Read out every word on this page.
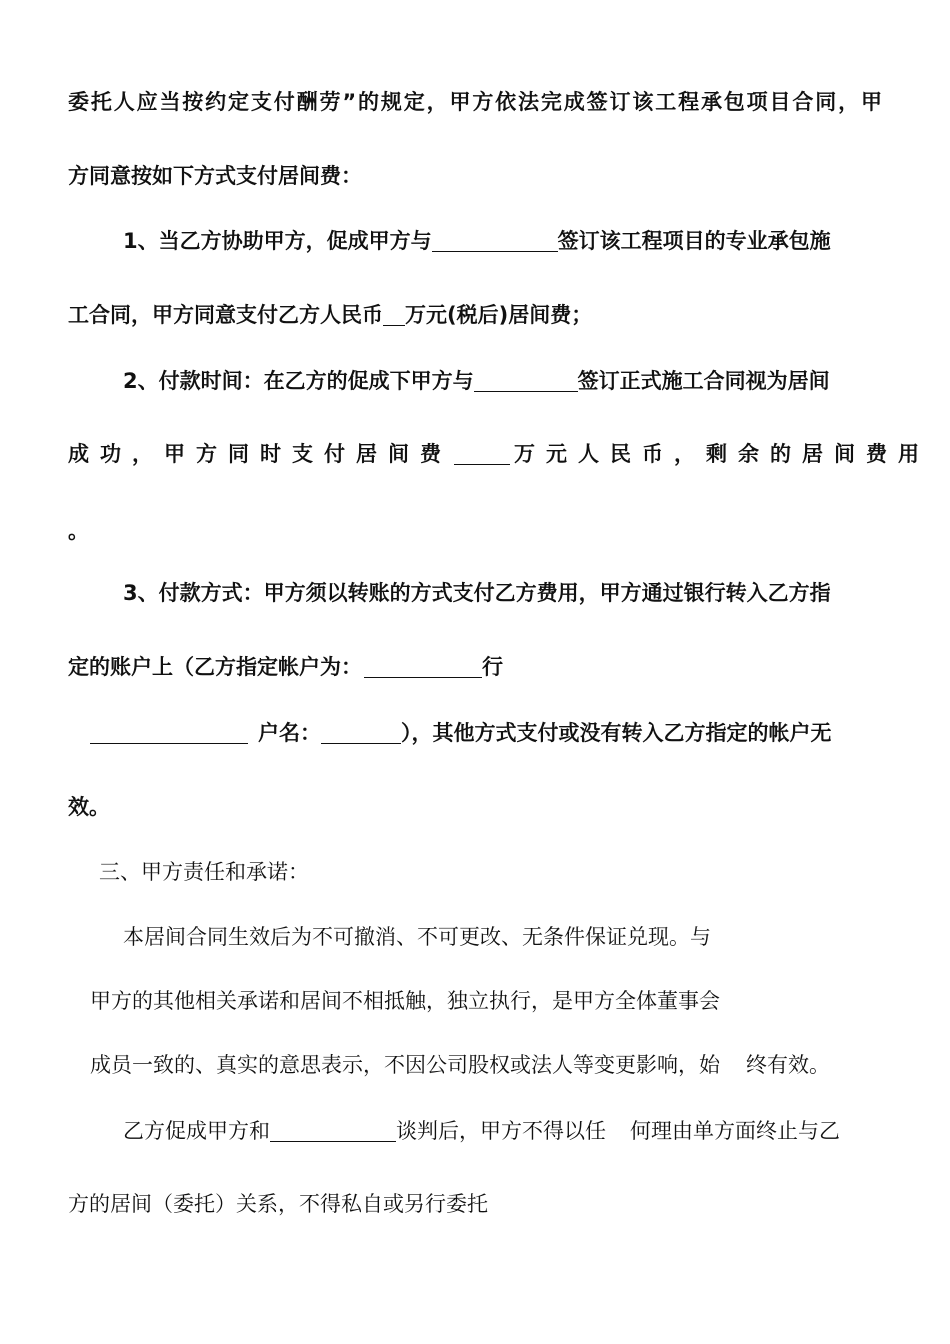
委托人应当按约定支付酬劳”的规定，甲方依法完成签订该工程承包项目合同，甲
方同意按如下方式支付居间费：
1、当乙方协助甲方，促成甲方与	签订该工程项目的专业承包施
工合同，甲方同意支付乙方人民币 万元(税后)居间费；
2、付款时间：在乙方的促成下甲方与	签订正式施工合同视为居间
成功，甲方同时支付居间费	万元人民币，剩余的居间费用
。
3、付款方式：甲方须以转账的方式支付乙方费用，甲方通过银行转入乙方指
定的账户上（乙方指定帐户为：	行
户名：	），其他方式支付或没有转入乙方指定的帐户无
效。
三、甲方责任和承诺：
本居间合同生效后为不可撤消、不可更改、无条件保证兑现。与
甲方的其他相关承诺和居间不相抵触，独立执行，是甲方全体董事会
成员一致的、真实的意思表示，不因公司股权或法人等变更影响，始 终有效。
乙方促成甲方和	谈判后，甲方不得以任 何理由单方面终止与乙
方的居间（委托）关系，不得私自或另行委托
